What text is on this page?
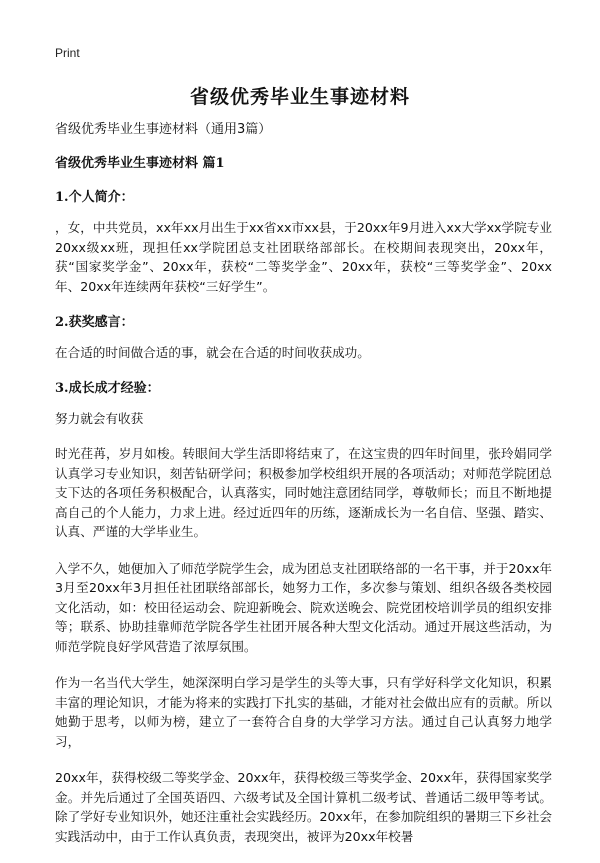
Print
省级优秀毕业生事迹材料
省级优秀毕业生事迹材料（通用3篇）
省级优秀毕业生事迹材料 篇1
1.个人简介：
，女，中共党员，xx年xx月出生于xx省xx市xx县，于20xx年9月进入xx大学xx学院专业20xx级xx班，现担任xx学院团总支社团联络部部长。在校期间表现突出，20xx年，获“国家奖学金”、20xx年，获校“二等奖学金”、20xx年，获校“三等奖学金”、20xx年、20xx年连续两年获校“三好学生”。
2.获奖感言：
在合适的时间做合适的事，就会在合适的时间收获成功。
3.成长成才经验：
努力就会有收获
时光荏苒，岁月如梭。转眼间大学生活即将结束了，在这宝贵的四年时间里，张玲娟同学认真学习专业知识，刻苦钻研学问；积极参加学校组织开展的各项活动；对师范学院团总支下达的各项任务积极配合，认真落实，同时她注意团结同学，尊敬师长；而且不断地提高自己的个人能力，力求上进。经过近四年的历练，逐渐成长为一名自信、坚强、踏实、认真、严谨的大学毕业生。
入学不久，她便加入了师范学院学生会，成为团总支社团联络部的一名干事，并于20xx年3月至20xx年3月担任社团联络部部长，她努力工作，多次参与策划、组织各级各类校园文化活动，如：校田径运动会、院迎新晚会、院欢送晚会、院党团校培训学员的组织安排等；联系、协助挂靠师范学院各学生社团开展各种大型文化活动。通过开展这些活动，为师范学院良好学风营造了浓厚氛围。
作为一名当代大学生，她深深明白学习是学生的头等大事，只有学好科学文化知识，积累丰富的理论知识，才能为将来的实践打下扎实的基础，才能对社会做出应有的贡献。所以她勤于思考，以师为榜，建立了一套符合自身的大学学习方法。通过自己认真努力地学习，
20xx年，获得校级二等奖学金、20xx年，获得校级三等奖学金、20xx年，获得国家奖学金。并先后通过了全国英语四、六级考试及全国计算机二级考试、普通话二级甲等考试。除了学好专业知识外，她还注重社会实践经历。20xx年，在参加院组织的暑期三下乡社会实践活动中，由于工作认真负责，表现突出，被评为20xx年校暑
